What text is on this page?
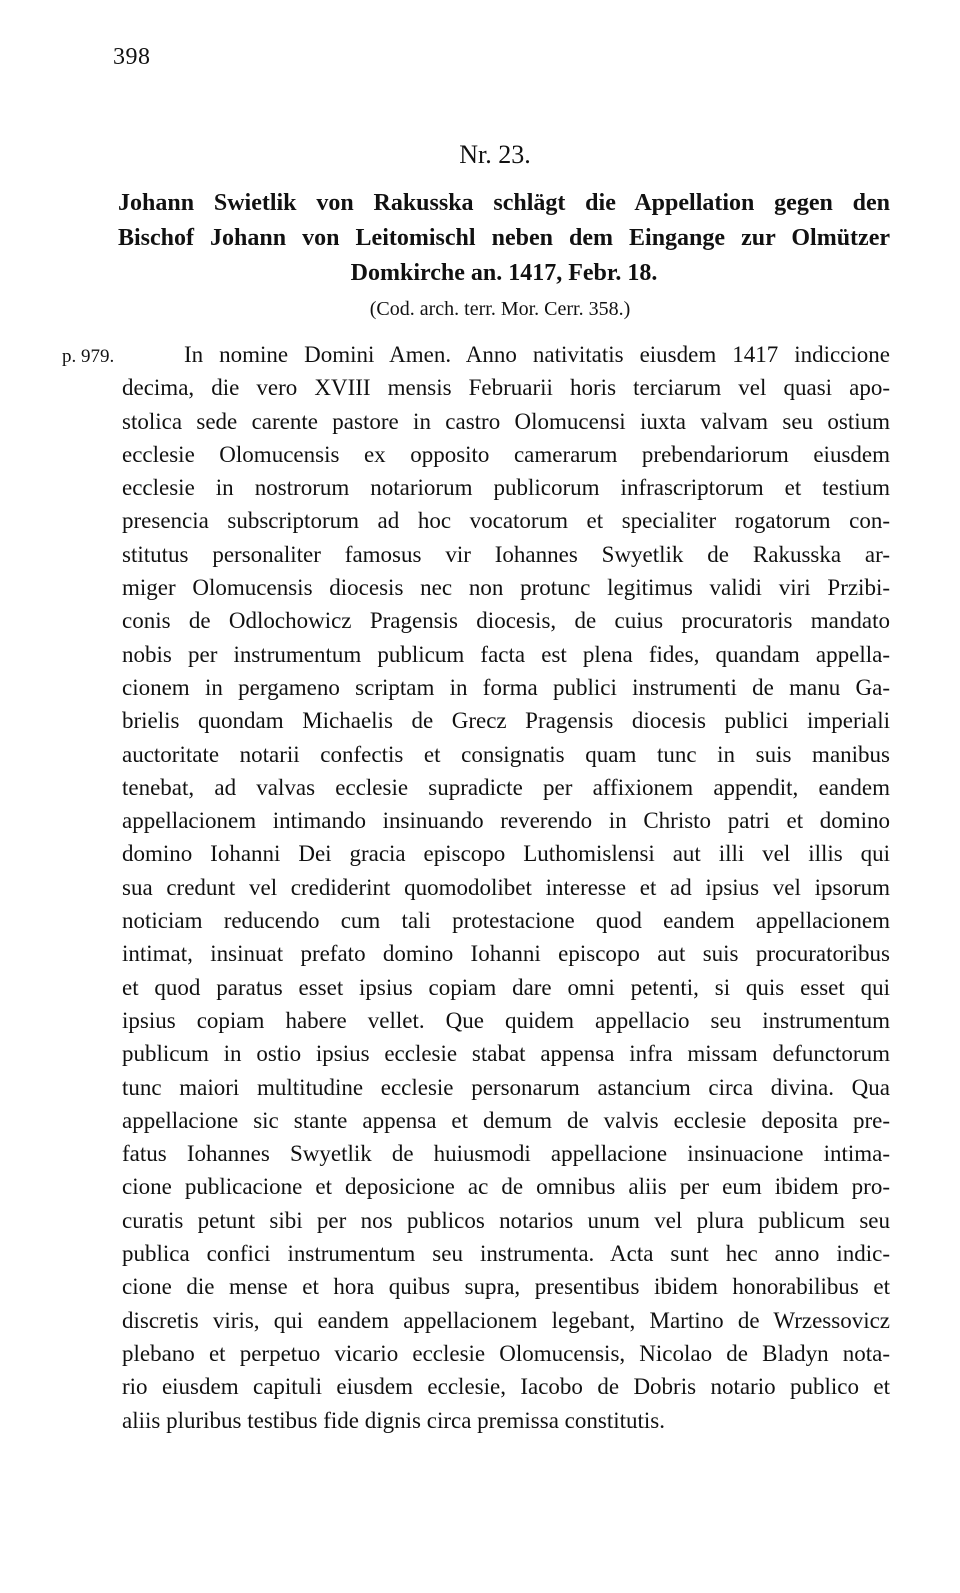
398
Nr. 23.
Johann Swietlik von Rakusska schlägt die Appellation gegen den
Bischof Johann von Leitomischl neben dem Eingange zur Olmützer
Domkirche an. 1417, Febr. 18.
(Cod. arch. terr. Mor. Cerr. 358.)
p. 979.	In nomine Domini Amen. Anno nativitatis eiusdem 1417 indiccione
decima, die vero XVIII mensis Februarii horis terciarum vel quasi apo-
stolica sede carente pastore in castro Olomucensi iuxta valvam seu ostium
ecclesie Olomucensis ex opposito camerarum prebendariorum eiusdem
ecclesie in nostrorum notariorum publicorum infrascriptorum et testium
presencia subscriptorum ad hoc vocatorum et specialiter rogatorum con-
stitutus personaliter famosus vir Iohannes Swyetlik de Rakusska ar-
miger Olomucensis diocesis nec non protunc legitimus validi viri Przibi-
conis de Odlochowicz Pragensis diocesis, de cuius procuratoris mandato
nobis per instrumentum publicum facta est plena fides, quandam appella-
cionem in pergameno scriptam in forma publici instrumenti de manu Ga-
brielis quondam Michaelis de Grecz Pragensis diocesis publici imperiali
auctoritate notarii confectis et consignatis quam tunc in suis manibus
tenebat, ad valvas ecclesie supradicte per affixionem appendit, eandem
appellacionem intimando insinuando reverendo in Christo patri et domino
domino Iohanni Dei gracia episcopo Luthomislensi aut illi vel illis qui
sua credunt vel crediderint quomodolibet interesse et ad ipsius vel ipsorum
noticiam reducendo cum tali protestacione quod eandem appellacionem
intimat, insinuat prefato domino Iohanni episcopo aut suis procuratoribus
et quod paratus esset ipsius copiam dare omni petenti, si quis esset qui
ipsius copiam habere vellet. Que quidem appellacio seu instrumentum
publicum in ostio ipsius ecclesie stabat appensa infra missam defunctorum
tunc maiori multitudine ecclesie personarum astancium circa divina. Qua
appellacione sic stante appensa et demum de valvis ecclesie deposita pre-
fatus Iohannes Swyetlik de huiusmodi appellacione insinuacione intima-
cione publicacione et deposicione ac de omnibus aliis per eum ibidem pro-
curatis petunt sibi per nos publicos notarios unum vel plura publicum seu
publica confici instrumentum seu instrumenta. Acta sunt hec anno indic-
cione die mense et hora quibus supra, presentibus ibidem honorabilibus et
discretis viris, qui eandem appellacionem legebant, Martino de Wrzessovicz
plebano et perpetuo vicario ecclesie Olomucensis, Nicolao de Bladyn nota-
rio eiusdem capituli eiusdem ecclesie, Iacobo de Dobris notario publico et
aliis pluribus testibus fide dignis circa premissa constitutis.
